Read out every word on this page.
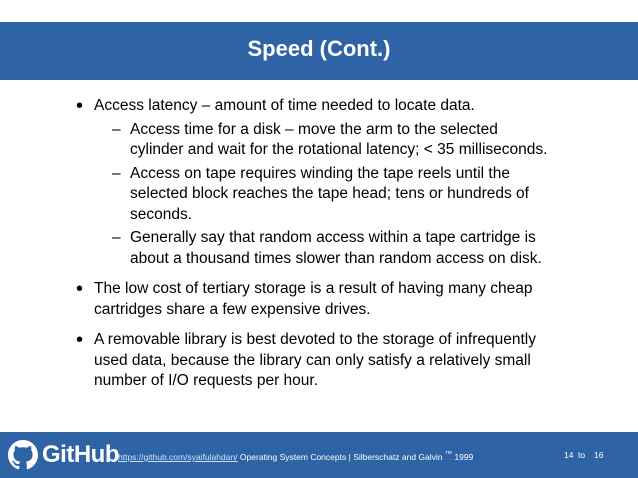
Speed (Cont.)
• Access latency – amount of time needed to locate data.
– Access time for a disk – move the arm to the selected cylinder and wait for the rotational latency; < 35 milliseconds.
– Access on tape requires winding the tape reels until the selected block reaches the tape head; tens or hundreds of seconds.
– Generally say that random access within a tape cartridge is about a thousand times slower than random access on disk.
• The low cost of tertiary storage is a result of having many cheap cartridges share a few expensive drives.
• A removable library is best devoted to the storage of infrequently used data, because the library can only satisfy a relatively small number of I/O requests per hour.
GitHub https://github.com/syaifulahdan/ Operating System Concepts | Silberschatz and Galvin ™ 1999	14 to 16
